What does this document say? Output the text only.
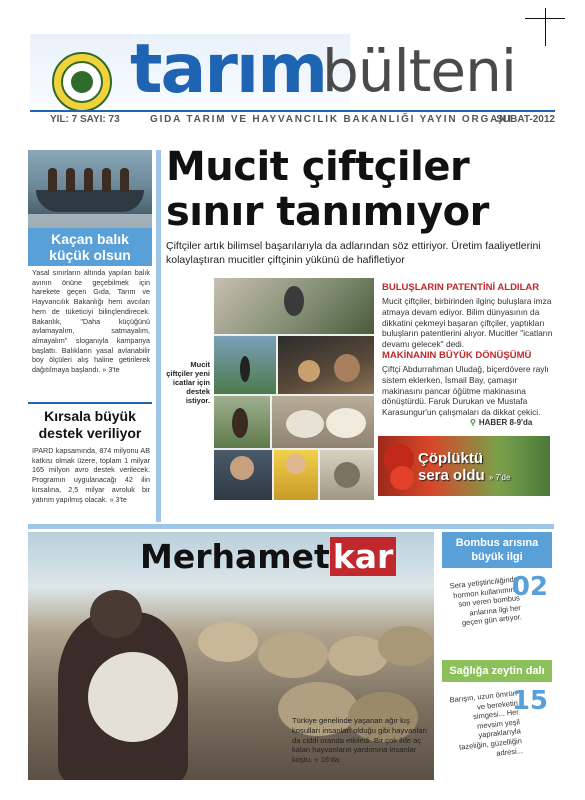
tarım
bülteni
YIL: 7 SAYI: 73	GIDA TARIM VE HAYVANCILIK BAKANLIĞI YAYIN ORGANI
ŞUBAT-2012
Kaçan balık
küçük olsun
Yasal sınırların altında yapılan balık avının önüne geçebilmek için harekete geçen Gıda, Tarım ve Hayvancılık Bakanlığı hem avcıları hem de tüketiciyi bilinçlendirecek. Bakanlık, "Daha küçüğünü avlamayalım, satmayalım, almayalım" sloganıyla kampanya başlattı. Balıkların yasal avlanabilir boy ölçüleri alış haline getirilerek dağıtılmaya başlandı. » 3'te
Kırsala büyük destek veriliyor
IPARD kapsamında, 874 milyonu AB katkısı olmak üzere, toplam 1 milyar 165 milyon avro destek verilecek. Programın uygulanacağı 42 ilin kırsalına, 2,5 milyar avroluk bir yatırım yapılmış olacak. » 3'te
Mucit çiftçiler
sınır tanımıyor
Çiftçiler artık bilimsel başarılarıyla da adlarından söz ettiriyor. Üretim faaliyetlerini kolaylaştıran mucitler çiftçinin yükünü de hafifletiyor
Mucit çiftçiler yeni icatlar için destek istiyor.
BULUŞLARIN PATENTİNİ ALDILAR
Mucit çiftçiler, birbirinden ilginç buluşlara imza atmaya devam ediyor. Bilim dünyasının da dikkatini çekmeyi başaran çiftçiler, yaptıkları buluşların patentlerini alıyor. Mucitler "icatların devamı gelecek" dedi.
MAKİNANIN BÜYÜK DÖNÜŞÜMÜ
Çiftçi Abdurrahman Uludağ, biçerdövere raylı sistem eklerken, İsmail Bay, çamaşır makinasını pancar öğütme makinasına dönüştürdü. Faruk Durukan ve Mustafa Karasungur'un çalışmaları da dikkat çekici.
⚲ HABER 8-9'da
Çöplüktü
sera oldu » 7'de
Merhametkar
Türkiye genelinde yaşanan ağır kış koşulları insanları olduğu gibi hayvanları da ciddi oranda etkiledi. Bir çok ilde aç kalan hayvanların yardımına insanlar koştu. » 16'da
Bombus arısına büyük ilgi
Sera yetiştiriciliğinde hormon kullanımına son veren bombus arılarına ilgi her geçen gün artıyor.
02
Sağlığa zeytin dalı
Barışın, uzun ömrün ve bereketin simgesi... Her mevsim yeşil yapraklarıyla tazeliğin, güzelliğin adresi...
15
